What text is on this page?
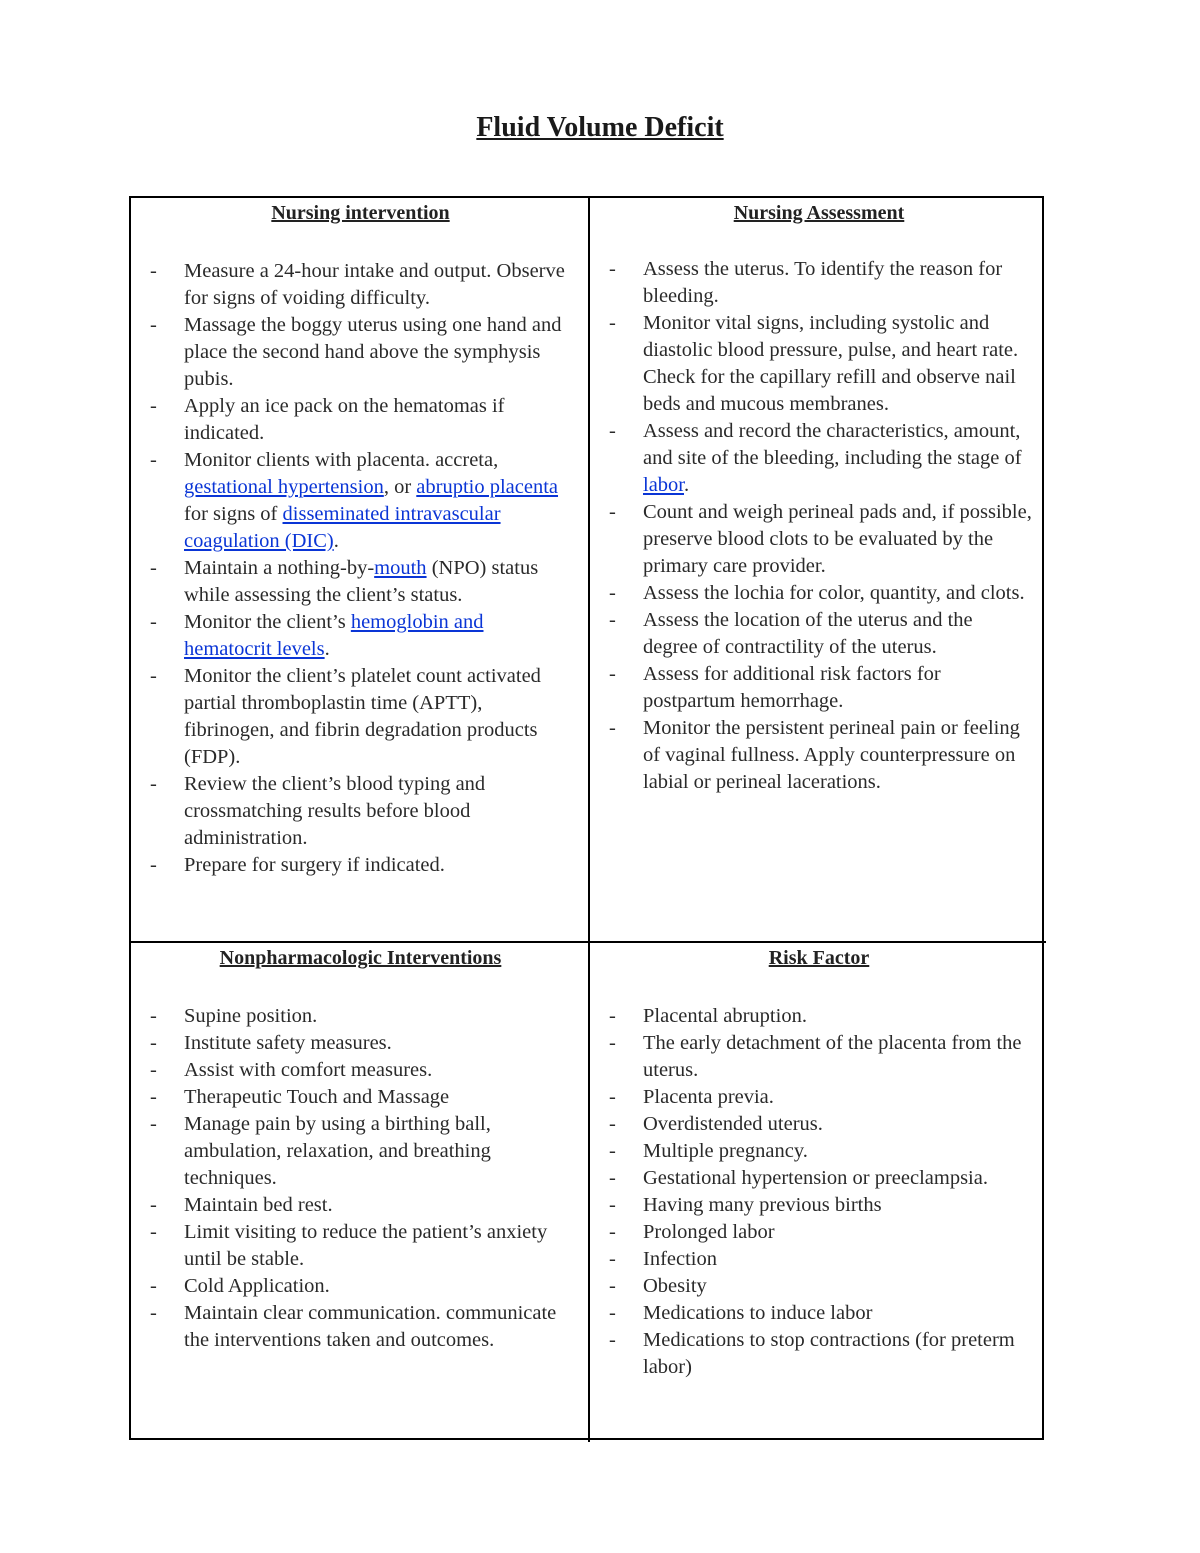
Fluid Volume Deficit
Nursing intervention
- Measure a 24-hour intake and output. Observe for signs of voiding difficulty.
- Massage the boggy uterus using one hand and place the second hand above the symphysis pubis.
- Apply an ice pack on the hematomas if indicated.
- Monitor clients with placenta. accreta, gestational hypertension, or abruptio placenta for signs of disseminated intravascular coagulation (DIC).
- Maintain a nothing-by-mouth (NPO) status while assessing the client’s status.
- Monitor the client’s hemoglobin and hematocrit levels.
- Monitor the client’s platelet count activated partial thromboplastin time (APTT), fibrinogen, and fibrin degradation products (FDP).
- Review the client’s blood typing and crossmatching results before blood administration.
- Prepare for surgery if indicated.
Nursing Assessment
- Assess the uterus. To identify the reason for bleeding.
- Monitor vital signs, including systolic and diastolic blood pressure, pulse, and heart rate. Check for the capillary refill and observe nail beds and mucous membranes.
- Assess and record the characteristics, amount, and site of the bleeding, including the stage of labor.
- Count and weigh perineal pads and, if possible, preserve blood clots to be evaluated by the primary care provider.
- Assess the lochia for color, quantity, and clots.
- Assess the location of the uterus and the degree of contractility of the uterus.
- Assess for additional risk factors for postpartum hemorrhage.
- Monitor the persistent perineal pain or feeling of vaginal fullness. Apply counterpressure on labial or perineal lacerations.
Nonpharmacologic Interventions
- Supine position.
- Institute safety measures.
- Assist with comfort measures.
- Therapeutic Touch and Massage
- Manage pain by using a birthing ball, ambulation, relaxation, and breathing techniques.
- Maintain bed rest.
- Limit visiting to reduce the patient’s anxiety until be stable.
- Cold Application.
- Maintain clear communication. communicate the interventions taken and outcomes.
Risk Factor
- Placental abruption.
- The early detachment of the placenta from the uterus.
- Placenta previa.
- Overdistended uterus.
- Multiple pregnancy.
- Gestational hypertension or preeclampsia.
- Having many previous births
- Prolonged labor
- Infection
- Obesity
- Medications to induce labor
- Medications to stop contractions (for preterm labor)
